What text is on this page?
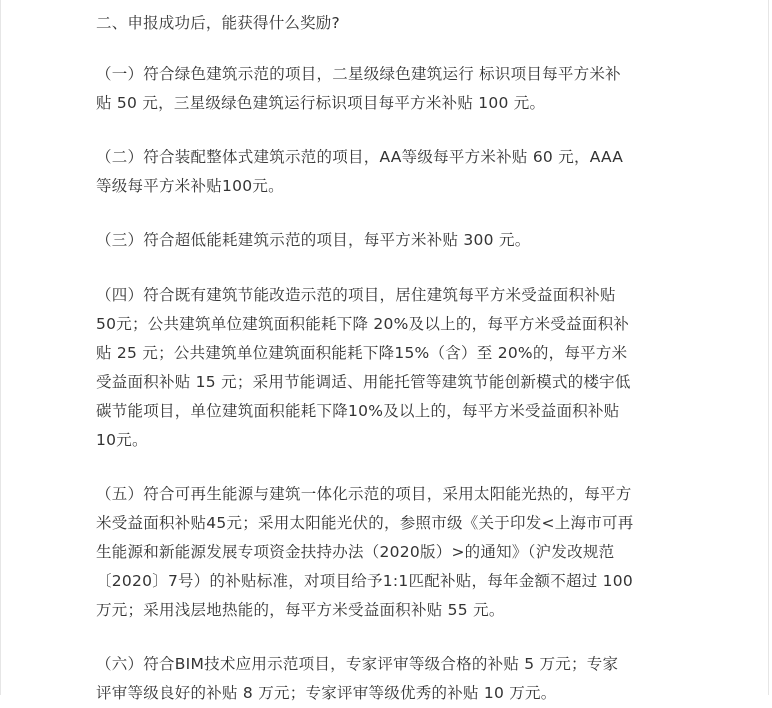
二、申报成功后，能获得什么奖励?

（一）符合绿色建筑示范的项目，二星级绿色建筑运行 标识项目每平方米补
贴 50 元，三星级绿色建筑运行标识项目每平方米补贴 100 元。

（二）符合装配整体式建筑示范的项目，AA等级每平方米补贴 60 元，AAA
等级每平方米补贴100元。

（三）符合超低能耗建筑示范的项目，每平方米补贴 300 元。

（四）符合既有建筑节能改造示范的项目，居住建筑每平方米受益面积补贴
50元；公共建筑单位建筑面积能耗下降 20%及以上的，每平方米受益面积补
贴 25 元；公共建筑单位建筑面积能耗下降15%（含）至 20%的，每平方米
受益面积补贴 15 元；采用节能调适、用能托管等建筑节能创新模式的楼宇低
碳节能项目，单位建筑面积能耗下降10%及以上的，每平方米受益面积补贴
10元。

（五）符合可再生能源与建筑一体化示范的项目，采用太阳能光热的，每平方
米受益面积补贴45元；采用太阳能光伏的，参照市级《关于印发<上海市可再
生能源和新能源发展专项资金扶持办法（2020版）>的通知》（沪发改规范
〔2020〕7号）的补贴标准，对项目给予1:1匹配补贴，每年金额不超过 100
万元；采用浅层地热能的，每平方米受益面积补贴 55 元。

（六）符合BIM技术应用示范项目，专家评审等级合格的补贴 5 万元；专家
评审等级良好的补贴 8 万元；专家评审等级优秀的补贴 10 万元。
